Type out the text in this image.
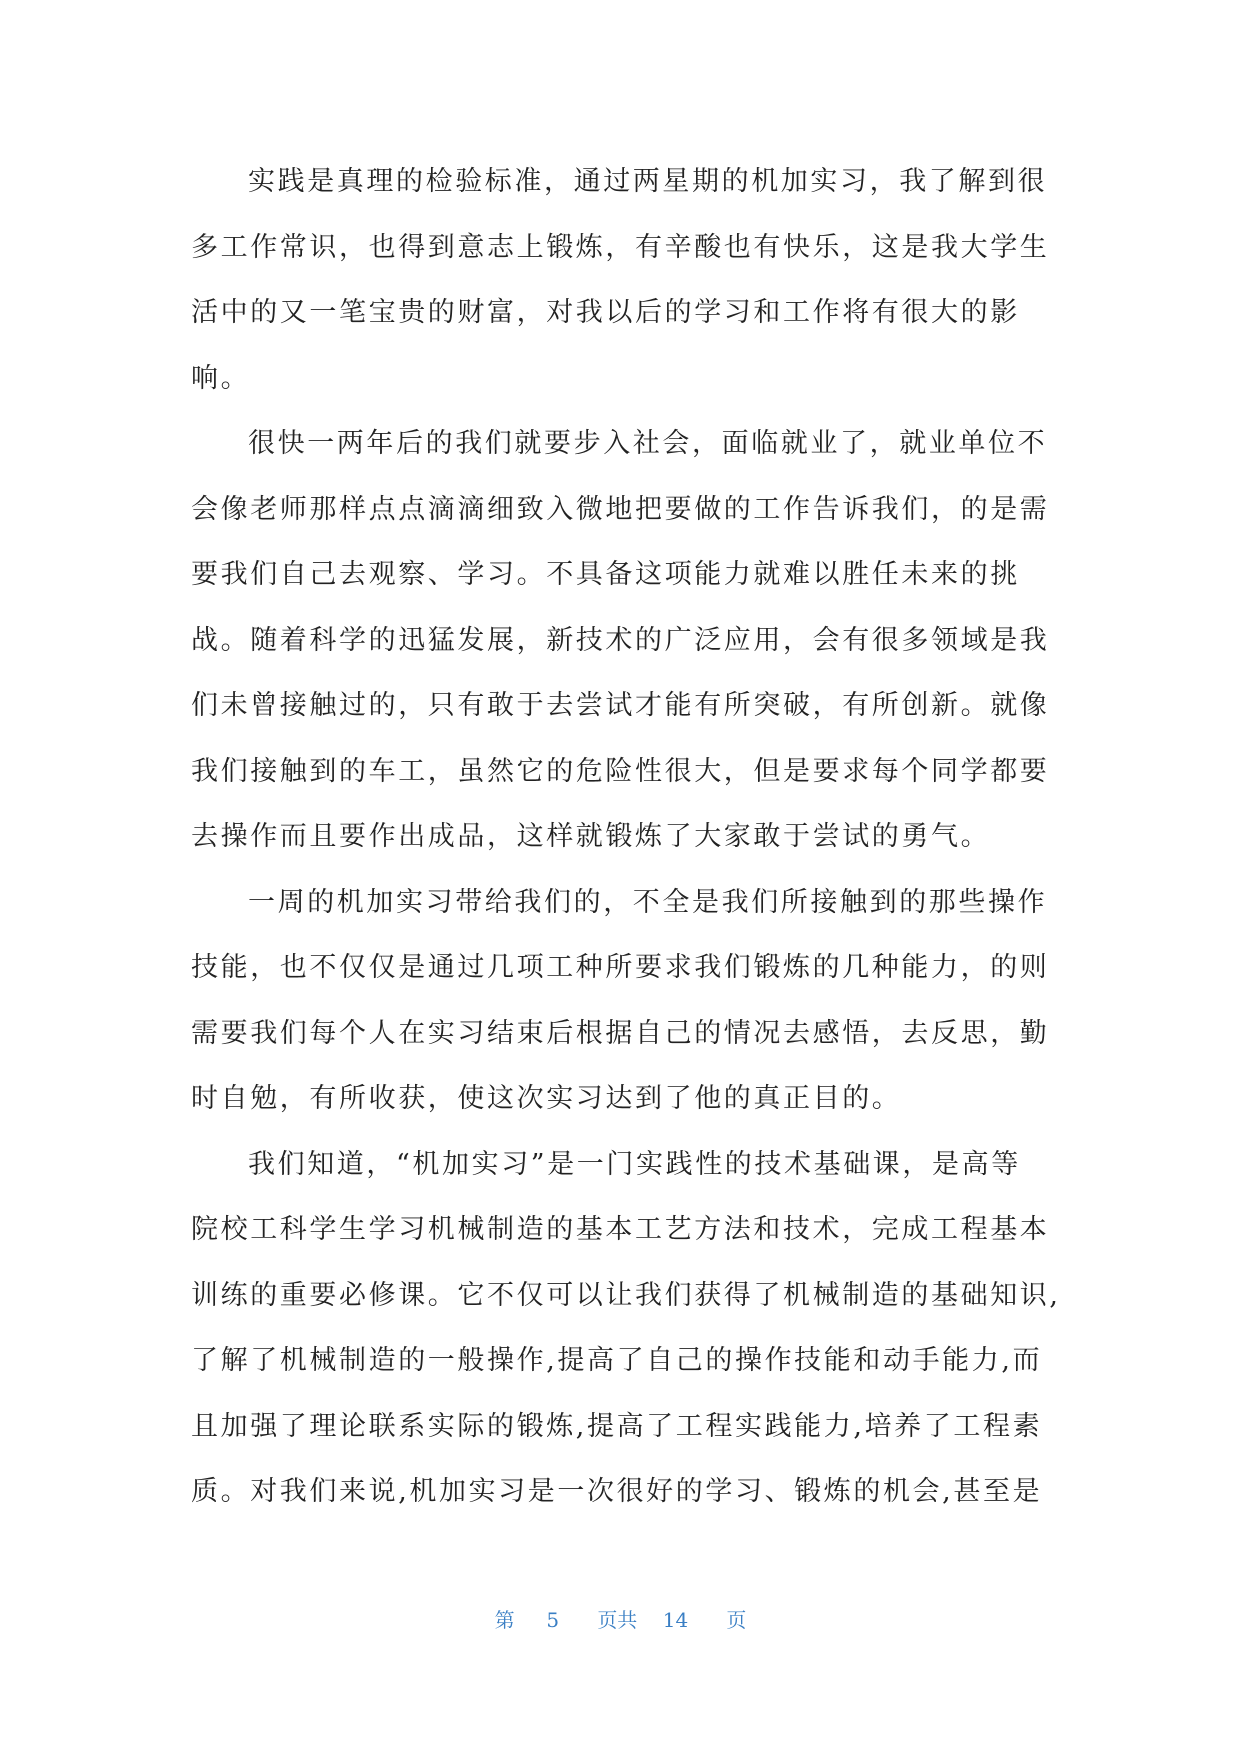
实践是真理的检验标准，通过两星期的机加实习，我了解到很
多工作常识，也得到意志上锻炼，有辛酸也有快乐，这是我大学生
活中的又一笔宝贵的财富，对我以后的学习和工作将有很大的影
响。
很快一两年后的我们就要步入社会，面临就业了，就业单位不
会像老师那样点点滴滴细致入微地把要做的工作告诉我们，的是需
要我们自己去观察、学习。不具备这项能力就难以胜任未来的挑
战。随着科学的迅猛发展，新技术的广泛应用，会有很多领域是我
们未曾接触过的，只有敢于去尝试才能有所突破，有所创新。就像
我们接触到的车工，虽然它的危险性很大，但是要求每个同学都要
去操作而且要作出成品，这样就锻炼了大家敢于尝试的勇气。
一周的机加实习带给我们的，不全是我们所接触到的那些操作
技能，也不仅仅是通过几项工种所要求我们锻炼的几种能力，的则
需要我们每个人在实习结束后根据自己的情况去感悟，去反思，勤
时自勉，有所收获，使这次实习达到了他的真正目的。
我们知道，“机加实习”是一门实践性的技术基础课，是高等
院校工科学生学习机械制造的基本工艺方法和技术，完成工程基本
训练的重要必修课。它不仅可以让我们获得了机械制造的基础知识,
了解了机械制造的一般操作,提高了自己的操作技能和动手能力,而
且加强了理论联系实际的锻炼,提高了工程实践能力,培养了工程素
质。对我们来说,机加实习是一次很好的学习、锻炼的机会,甚至是
第 5 页共 14 页
